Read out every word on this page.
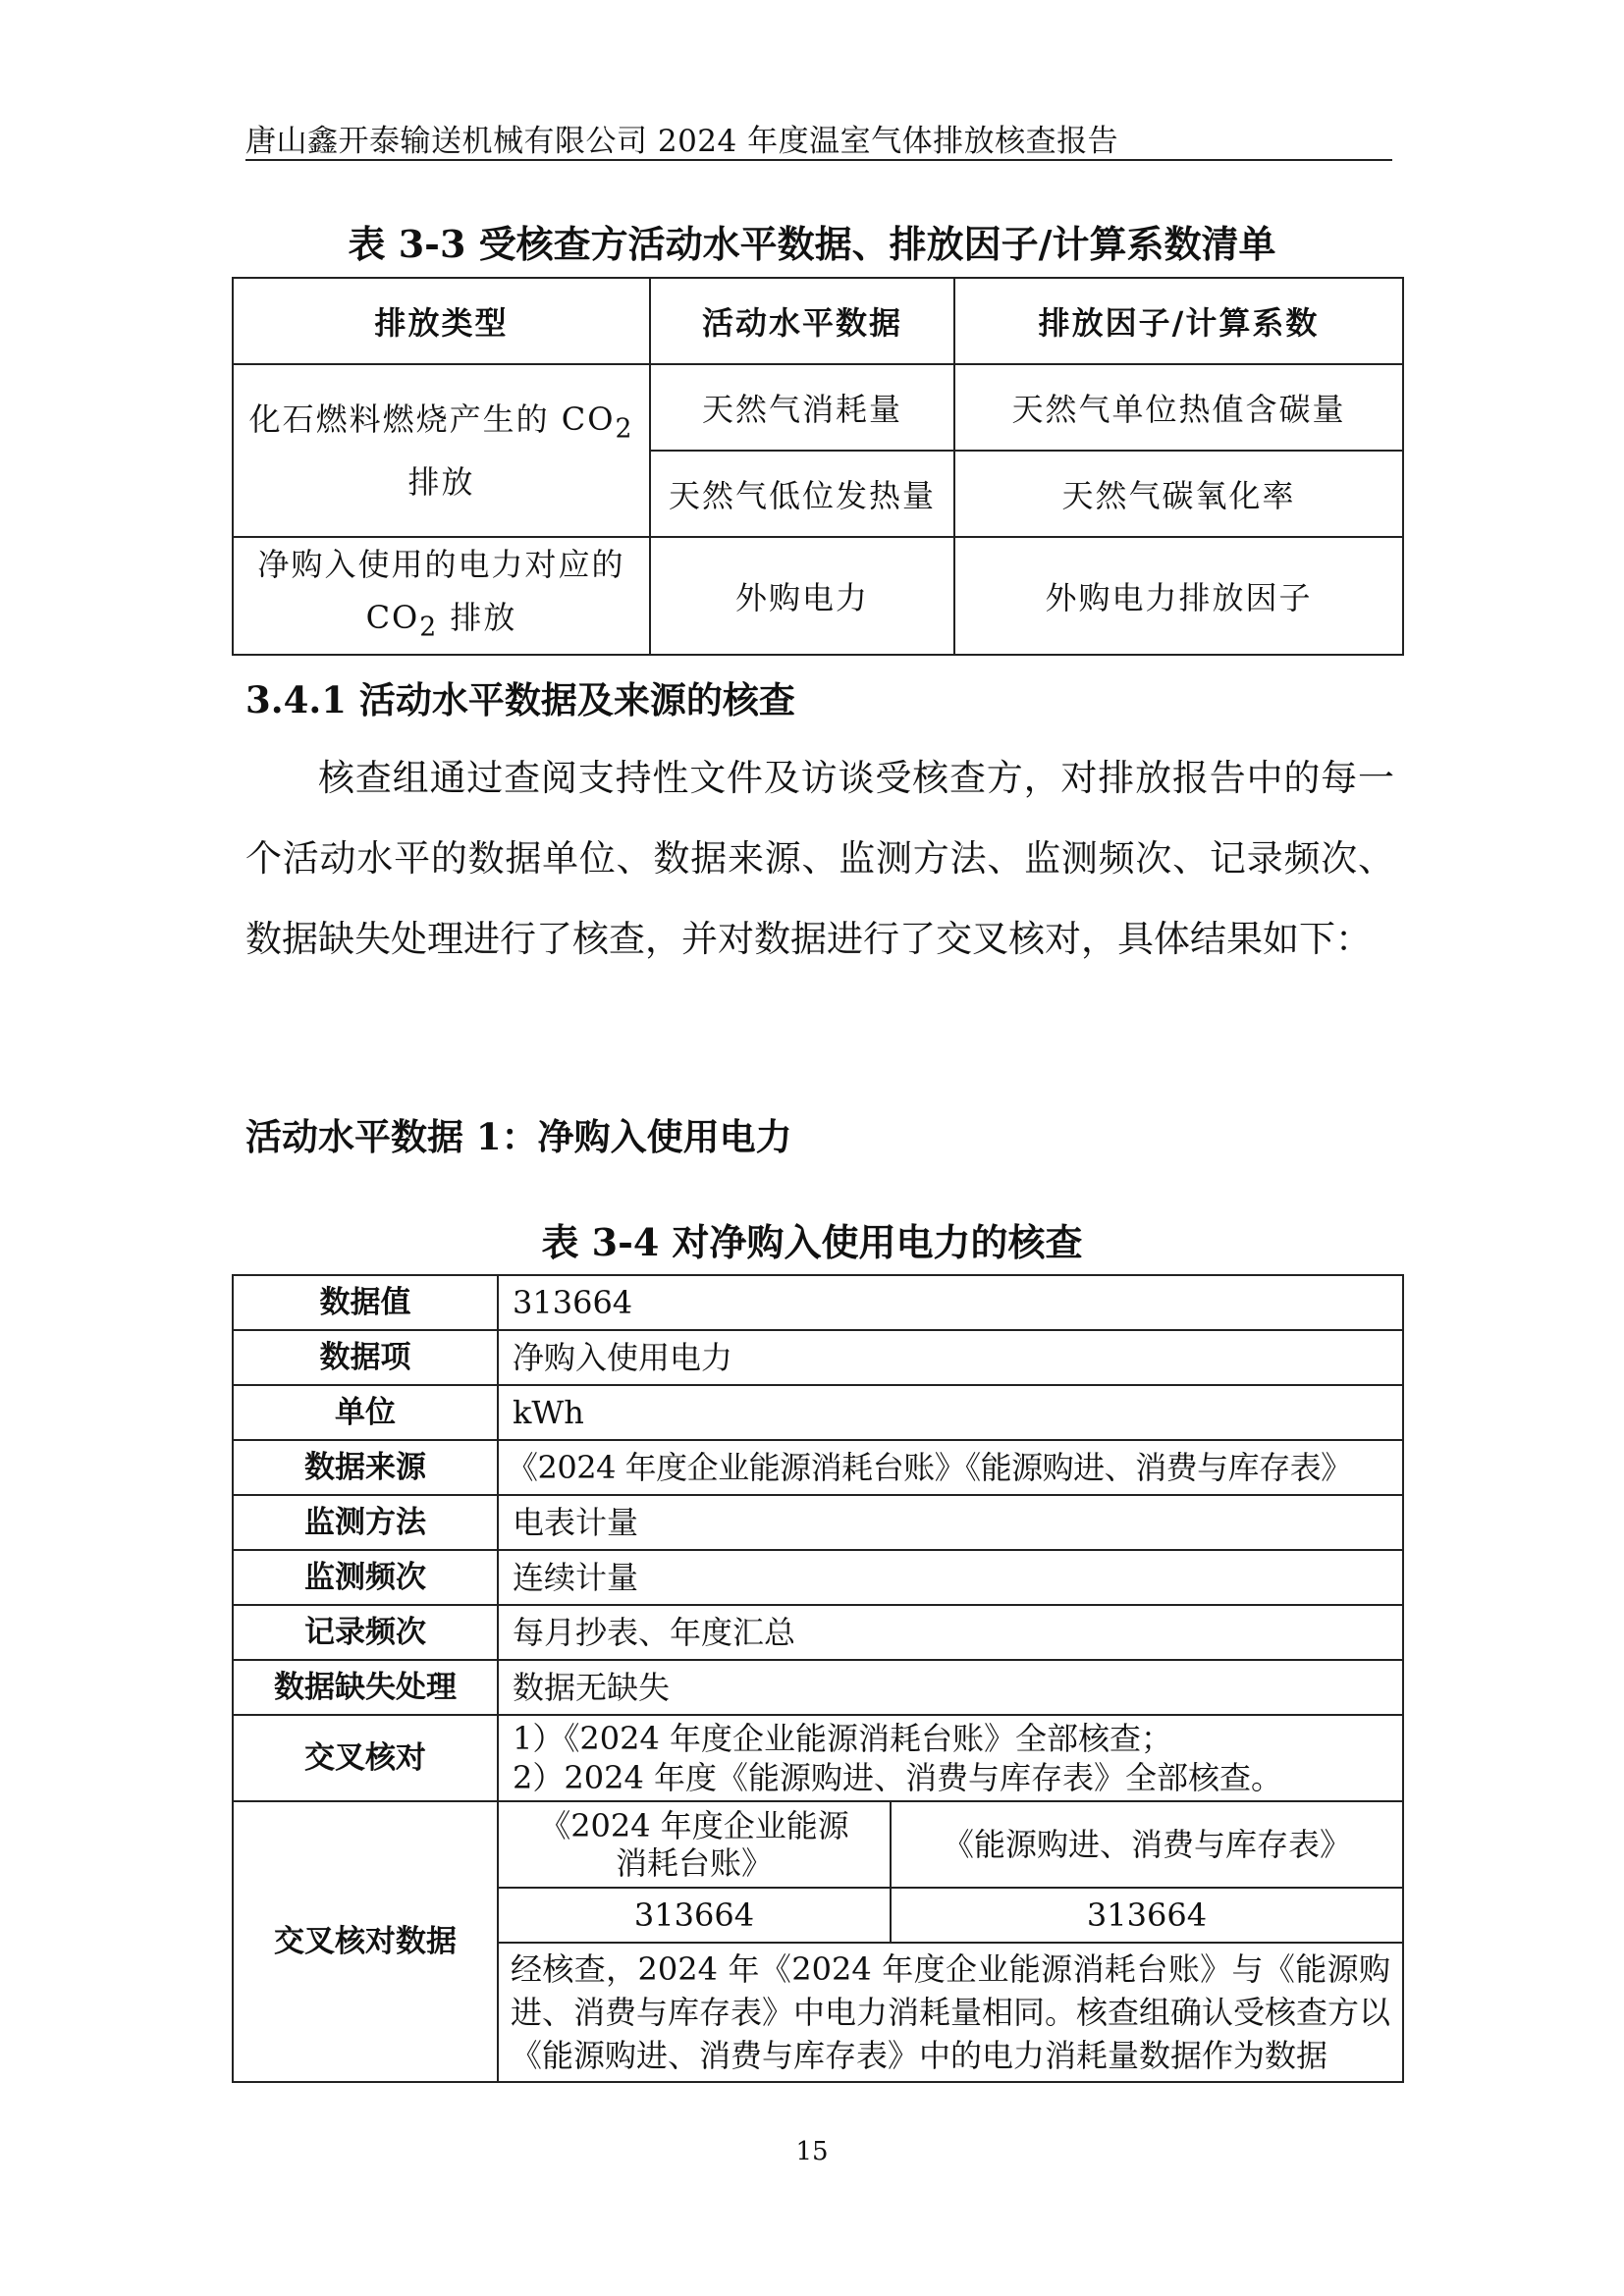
唐山鑫开泰输送机械有限公司 2024 年度温室气体排放核查报告
表 3-3 受核查方活动水平数据、排放因子/计算系数清单
排放类型	活动水平数据	排放因子/计算系数
化石燃料燃烧产生的 $CO_2$
排放	天然气消耗量	天然气单位热值含碳量
	天然气低位发热量	天然气碳氧化率
净购入使用的电力对应的
$CO_2$ 排放	外购电力	外购电力排放因子
3.4.1 活动水平数据及来源的核查

核查组通过查阅支持性文件及访谈受核查方，对排放报告中的每一个活动水平的数据单位、数据来源、监测方法、监测频次、记录频次、数据缺失处理进行了核查，并对数据进行了交叉核对，具体结果如下：

活动水平数据 1：净购入使用电力
表 3-4 对净购入使用电力的核查
数据值	313664	
数据项	净购入使用电力	
单位	kWh	
数据来源	《2024 年度企业能源消耗台账》《能源购进、消费与库存表》	
监测方法	电表计量	
监测频次	连续计量	
记录频次	每月抄表、年度汇总	
数据缺失处理	数据无缺失	
交叉核对	1）《2024 年度企业能源消耗台账》全部核查；
2）2024 年度《能源购进、消费与库存表》全部核查。	

交叉核对数据	《2024 年度企业能源消耗台账》	《能源购进、消费与库存表》
	313664	313664
	经核查，2024 年《2024 年度企业能源消耗台账》与《能源购进、消费与库存表》中电力消耗量相同。核查组确认受核查方以《能源购进、消费与库存表》中的电力消耗量数据作为数据	
15
